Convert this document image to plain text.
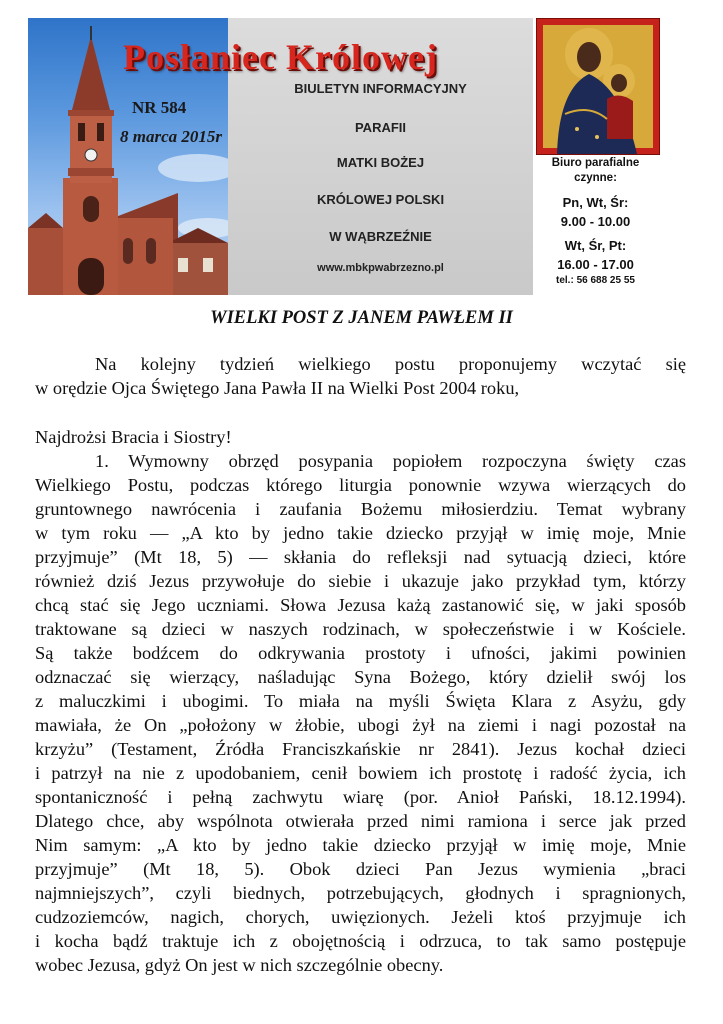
NR 584
8 marca 2015r
Posłaniec Królowej
BIULETYN INFORMACYJNY
PARAFII
MATKI BOŻEJ
KRÓLOWEJ POLSKI
W WĄBRZEŹNIE
www.mbkpwabrzezno.pl
Biuro parafialne
czynne:
Pn, Wt, Śr:
9.00 - 10.00
Wt, Śr, Pt:
16.00 - 17.00
tel.: 56 688 25 55
WIELKI POST Z JANEM PAWŁEM II
Na kolejny tydzień wielkiego postu proponujemy wczytać się
w orędzie Ojca Świętego Jana Pawła II na Wielki Post 2004 roku,
Najdrożsi Bracia i Siostry!
1. Wymowny obrzęd posypania popiołem rozpoczyna święty czas
Wielkiego Postu, podczas którego liturgia ponownie wzywa wierzących do
gruntownego nawrócenia i zaufania Bożemu miłosierdziu. Temat wybrany
w tym roku — „A kto by jedno takie dziecko przyjął w imię moje, Mnie
przyjmuje” (Mt 18, 5) — skłania do refleksji nad sytuacją dzieci, które
również dziś Jezus przywołuje do siebie i ukazuje jako przykład tym, którzy
chcą stać się Jego uczniami. Słowa Jezusa każą zastanowić się, w jaki sposób
traktowane są dzieci w naszych rodzinach, w społeczeństwie i w Kościele.
Są także bodźcem do odkrywania prostoty i ufności, jakimi powinien
odznaczać się wierzący, naśladując Syna Bożego, który dzielił swój los
z maluczkimi i ubogimi. To miała na myśli Święta Klara z Asyżu, gdy
mawiała, że On „położony w żłobie, ubogi żył na ziemi i nagi pozostał na
krzyżu” (Testament, Źródła Franciszkańskie nr 2841). Jezus kochał dzieci
i patrzył na nie z upodobaniem, cenił bowiem ich prostotę i radość życia, ich
spontaniczność i pełną zachwytu wiarę (por. Anioł Pański, 18.12.1994).
Dlatego chce, aby wspólnota otwierała przed nimi ramiona i serce jak przed
Nim samym: „A kto by jedno takie dziecko przyjął w imię moje, Mnie
przyjmuje” (Mt 18, 5). Obok dzieci Pan Jezus wymienia „braci
najmniejszych”, czyli biednych, potrzebujących, głodnych i spragnionych,
cudzoziemców, nagich, chorych, uwięzionych. Jeżeli ktoś przyjmuje ich
i kocha bądź traktuje ich z obojętnością i odrzuca, to tak samo postępuje
wobec Jezusa, gdyż On jest w nich szczególnie obecny.
